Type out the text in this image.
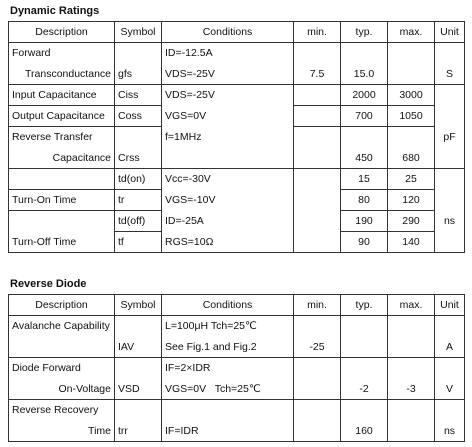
Dynamic Ratings
Description	Symbol	Conditions	min.	typ.	max.	Unit
Forward		ID=-12.5A				
Transconductance	gfs	VDS=-25V	7.5	15.0		S
Input Capacitance	Ciss	VDS=-25V		2000	3000	
Output Capacitance	Coss	VGS=0V		700	1050	
Reverse Transfer		f=1MHz				pF
Capacitance	Crss			450	680	
	td(on)	Vcc=-30V		15	25	
Turn-On Time	tr	VGS=-10V		80	120	
	td(off)	ID=-25A		190	290	ns
Turn-Off Time	tf	RGS=10Ω		90	140	
Reverse Diode
Description	Symbol	Conditions	min.	typ.	max.	Unit
Avalanche Capability		L=100μH Tch=25℃				
	IAV	See Fig.1 and Fig.2	-25			A
Diode Forward		IF=2×IDR				
On-Voltage	VSD	VGS=0V   Tch=25℃		-2	-3	V
Reverse Recovery						
Time	trr	IF=IDR		160		ns
